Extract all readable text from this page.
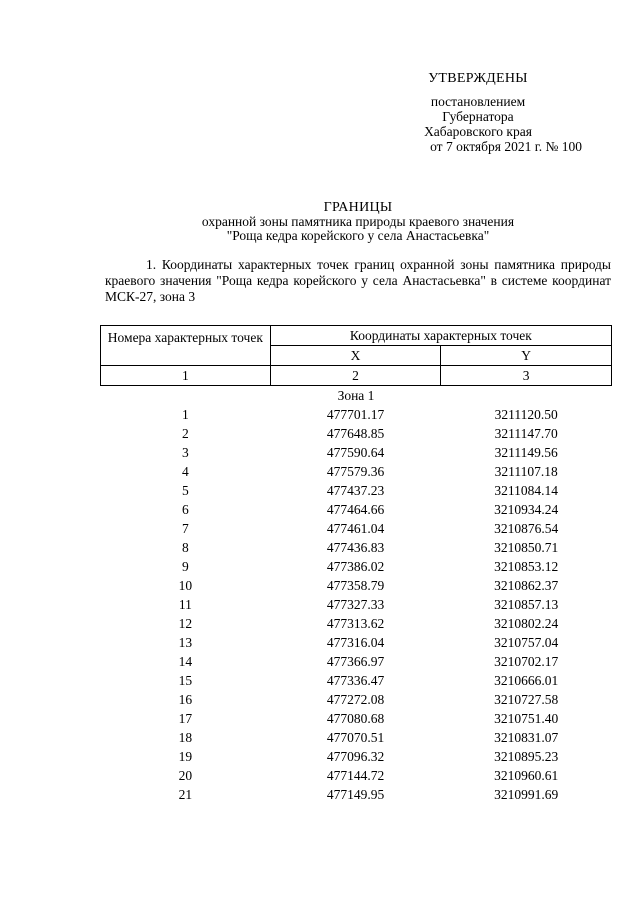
УТВЕРЖДЕНЫ
постановлением
Губернатора
Хабаровского края
от 7 октября 2021 г. № 100
ГРАНИЦЫ
охранной зоны памятника природы краевого значения
"Роща кедра корейского у села Анастасьевка"
1. Координаты характерных точек границ охранной зоны памятника природы краевого значения "Роща кедра корейского у села Анастасьевка" в системе координат МСК-27, зона 3
Номера характерных точек	Координаты характерных точек	
	X	Y
1	2	3
Зона 1		
1	477701.17	3211120.50
2	477648.85	3211147.70
3	477590.64	3211149.56
4	477579.36	3211107.18
5	477437.23	3211084.14
6	477464.66	3210934.24
7	477461.04	3210876.54
8	477436.83	3210850.71
9	477386.02	3210853.12
10	477358.79	3210862.37
11	477327.33	3210857.13
12	477313.62	3210802.24
13	477316.04	3210757.04
14	477366.97	3210702.17
15	477336.47	3210666.01
16	477272.08	3210727.58
17	477080.68	3210751.40
18	477070.51	3210831.07
19	477096.32	3210895.23
20	477144.72	3210960.61
21	477149.95	3210991.69
